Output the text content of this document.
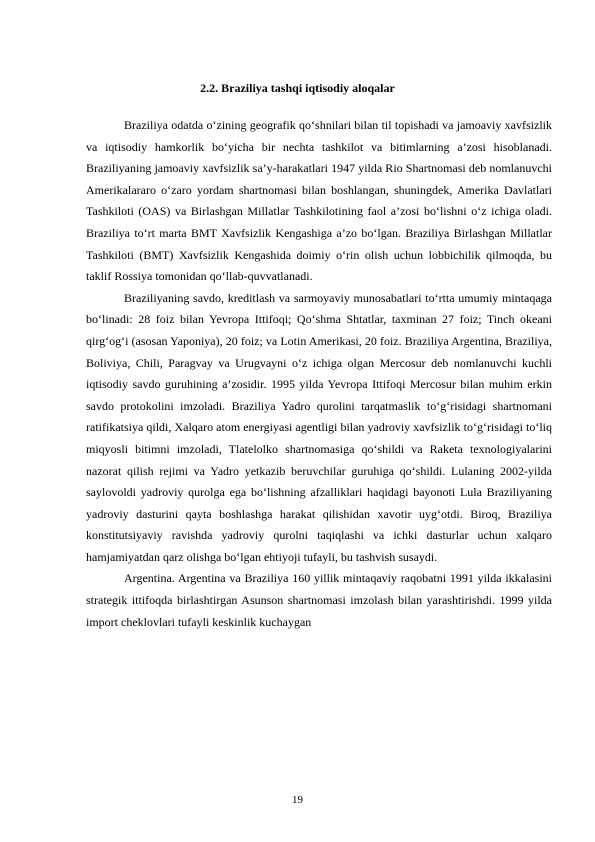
2.2. Braziliya tashqi iqtisodiy aloqalar

Braziliya odatda o‘zining geografik qo‘shnilari bilan til topishadi va jamoaviy xavfsizlik va iqtisodiy hamkorlik bo‘yicha bir nechta tashkilot va bitimlarning a’zosi hisoblanadi. Braziliyaning jamoaviy xavfsizlik sa’y-harakatlari 1947 yilda Rio Shartnomasi deb nomlanuvchi Amerikalararo o‘zaro yordam shartnomasi bilan boshlangan, shuningdek, Amerika Davlatlari Tashkiloti (OAS) va Birlashgan Millatlar Tashkilotining faol a’zosi bo‘lishni o‘z ichiga oladi. Braziliya to‘rt marta BMT Xavfsizlik Kengashiga a’zo bo‘lgan. Braziliya Birlashgan Millatlar Tashkiloti (BMT) Xavfsizlik Kengashida doimiy o‘rin olish uchun lobbichilik qilmoqda, bu taklif Rossiya tomonidan qo‘llab-quvvatlanadi.

Braziliyaning savdo, kreditlash va sarmoyaviy munosabatlari to‘rtta umumiy mintaqaga bo‘linadi: 28 foiz bilan Yevropa Ittifoqi; Qo‘shma Shtatlar, taxminan 27 foiz; Tinch okeani qirg‘og‘i (asosan Yaponiya), 20 foiz; va Lotin Amerikasi, 20 foiz. Braziliya Argentina, Braziliya, Boliviya, Chili, Paragvay va Urugvayni o‘z ichiga olgan Mercosur deb nomlanuvchi kuchli iqtisodiy savdo guruhining a’zosidir. 1995 yilda Yevropa Ittifoqi Mercosur bilan muhim erkin savdo protokolini imzoladi. Braziliya Yadro qurolini tarqatmaslik to‘g‘risidagi shartnomani ratifikatsiya qildi, Xalqaro atom energiyasi agentligi bilan yadroviy xavfsizlik to‘g‘risidagi to‘liq miqyosli bitimni imzoladi, Tlatelolko shartnomasiga qo‘shildi va Raketa texnologiyalarini nazorat qilish rejimi va Yadro yetkazib beruvchilar guruhiga qo‘shildi. Lulaning 2002-yilda saylovoldi yadroviy qurolga ega bo‘lishning afzalliklari haqidagi bayonoti Lula Braziliyaning yadroviy dasturini qayta boshlashga harakat qilishidan xavotir uyg‘otdi. Biroq, Braziliya konstitutsiyaviy ravishda yadroviy qurolni taqiqlashi va ichki dasturlar uchun xalqaro hamjamiyatdan qarz olishga bo‘lgan ehtiyoji tufayli, bu tashvish susaydi.

Argentina. Argentina va Braziliya 160 yillik mintaqaviy raqobatni 1991 yilda ikkalasini strategik ittifoqda birlashtirgan Asunson shartnomasi imzolash bilan yarashtirishdi. 1999 yilda import cheklovlari tufayli keskinlik kuchaygan

19
